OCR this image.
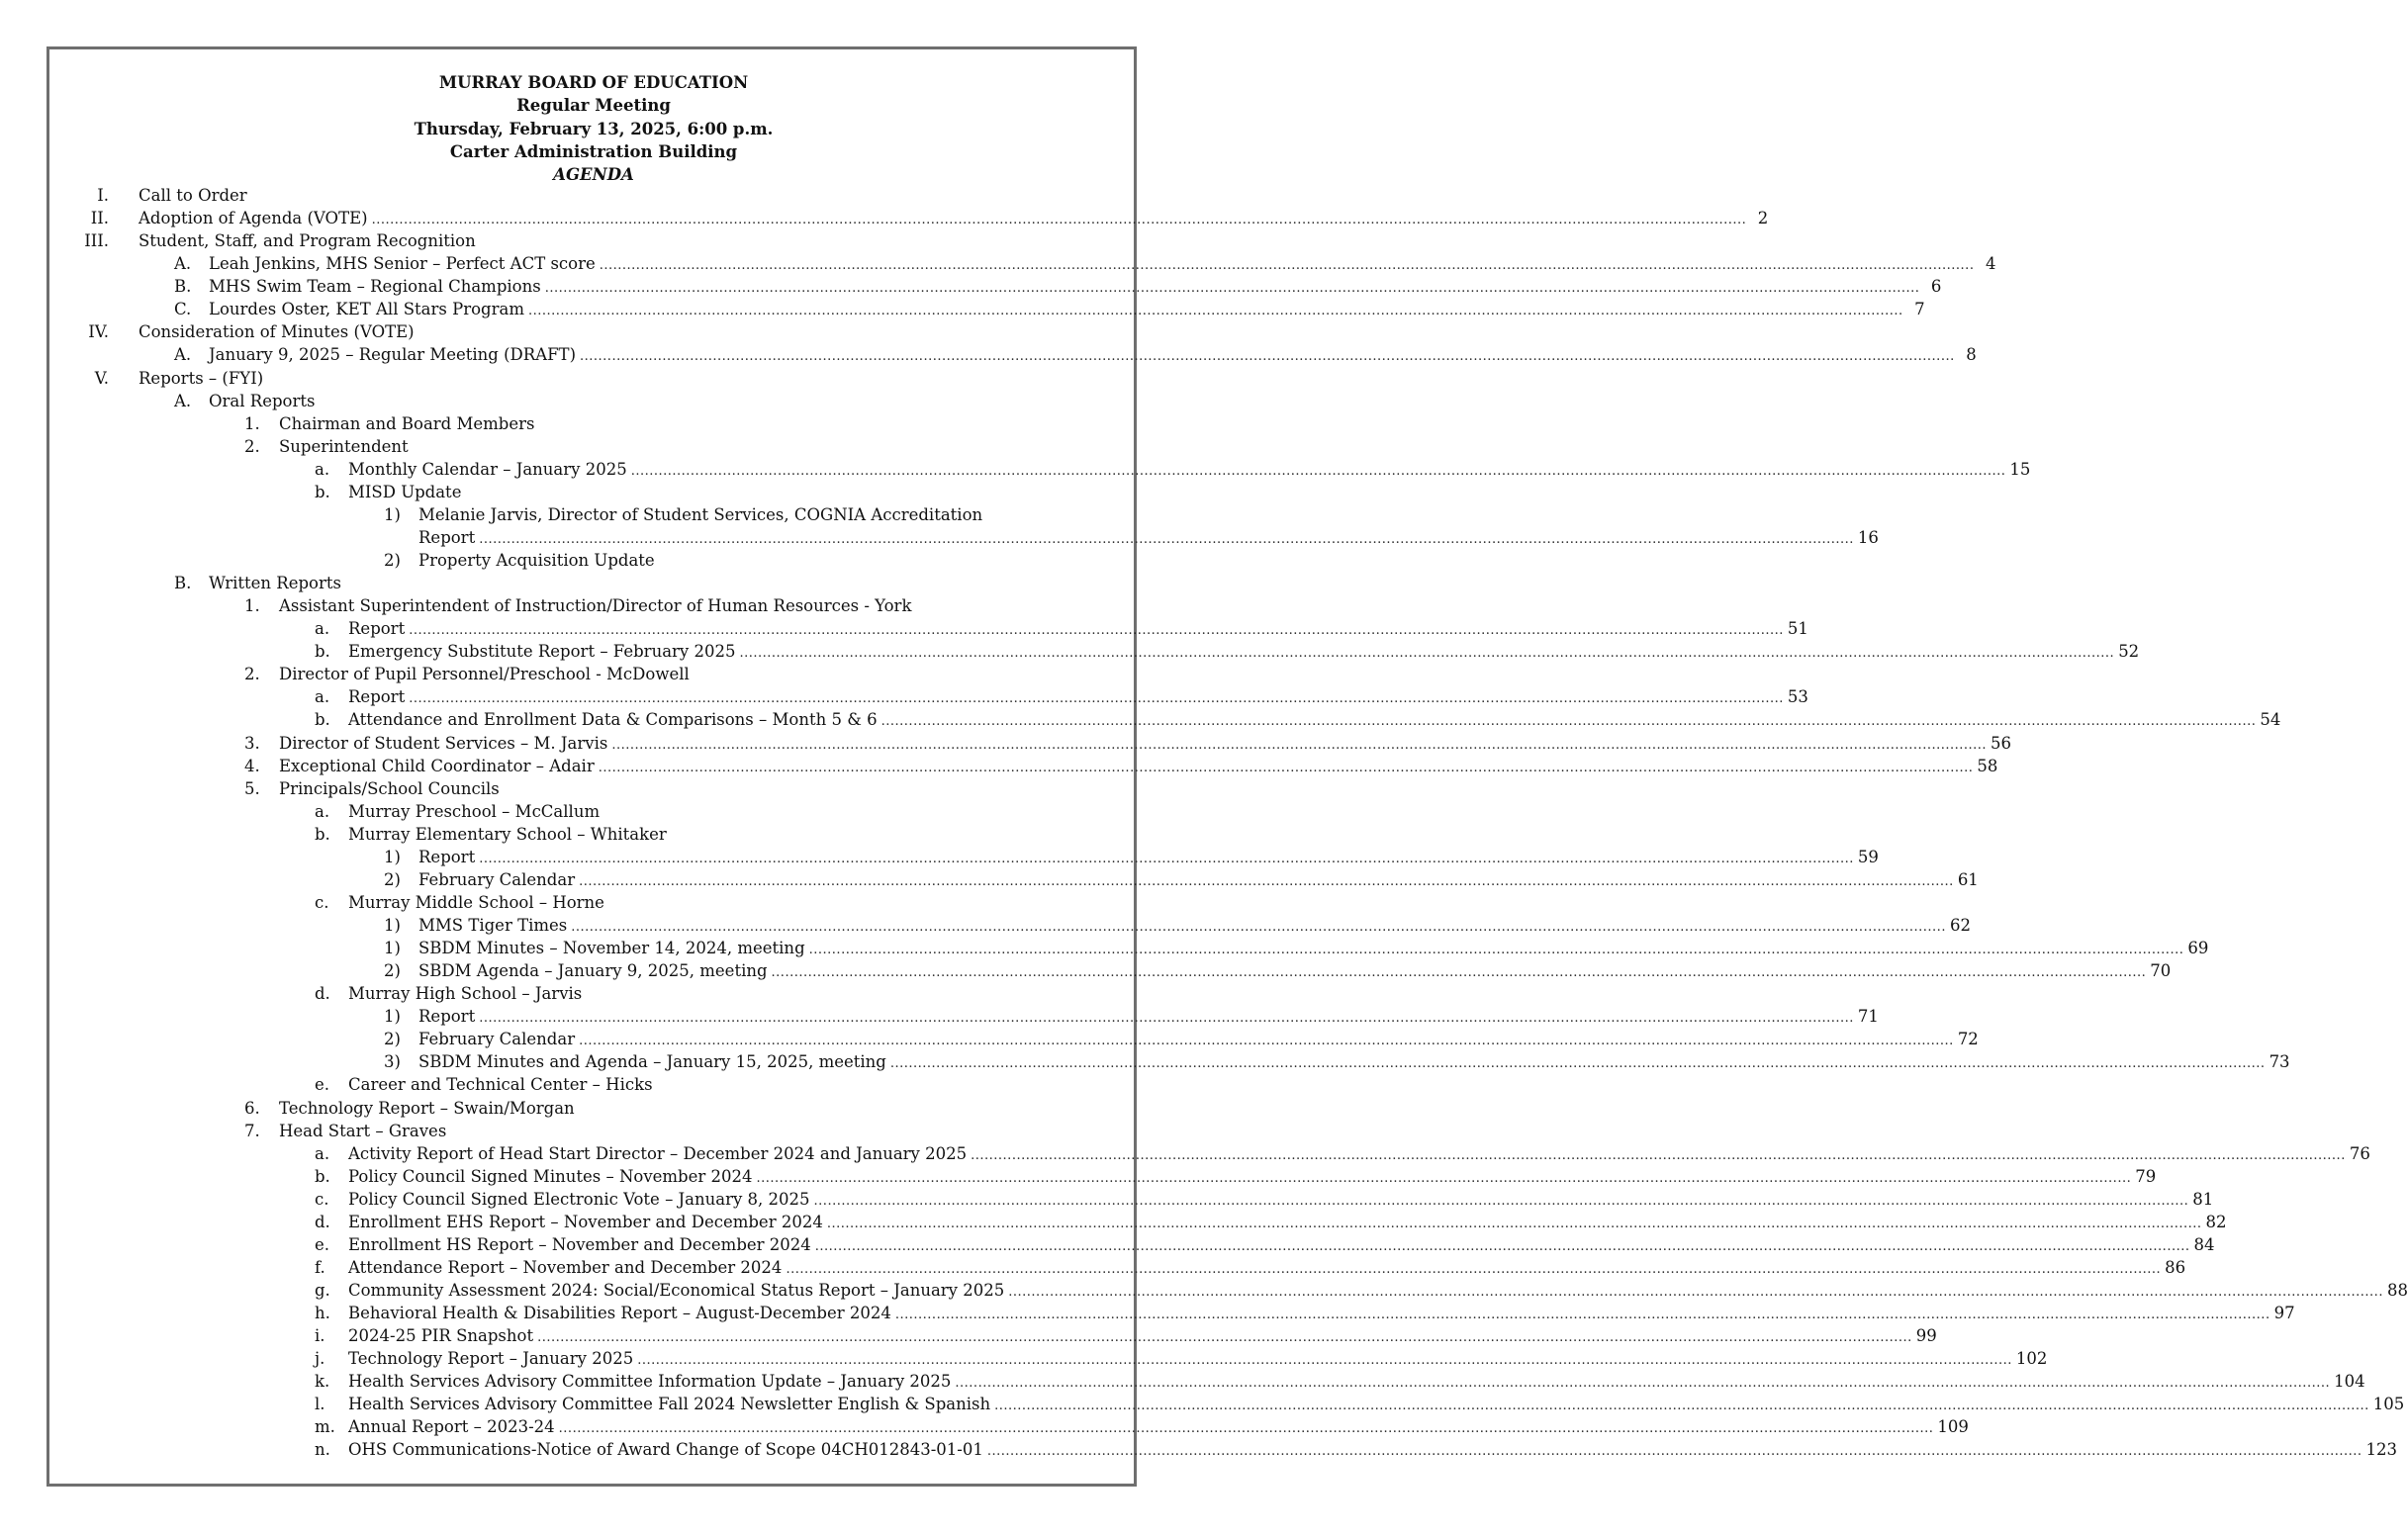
MURRAY BOARD OF EDUCATION
Regular Meeting
Thursday, February 13, 2025, 6:00 p.m.
Carter Administration Building
AGENDA
I. Call to Order
II. Adoption of Agenda (VOTE) ............................................................................................................................................................................................................................................................................................................ 2
III. Student, Staff, and Program Recognition
A. Leah Jenkins, MHS Senior – Perfect ACT score ............................................................................................................................................................................................................................................................................................................ 4
B. MHS Swim Team – Regional Champions ............................................................................................................................................................................................................................................................................................................ 6
C. Lourdes Oster, KET All Stars Program ............................................................................................................................................................................................................................................................................................................ 7
IV. Consideration of Minutes (VOTE)
A. January 9, 2025 – Regular Meeting (DRAFT) ............................................................................................................................................................................................................................................................................................................ 8
V. Reports – (FYI)
A. Oral Reports
1. Chairman and Board Members
2. Superintendent
a. Monthly Calendar – January 2025 ............................................................................................................................................................................................................................................................................................................ 15
b. MISD Update
1) Melanie Jarvis, Director of Student Services, COGNIA Accreditation
Report ............................................................................................................................................................................................................................................................................................................ 16
2) Property Acquisition Update
B. Written Reports
1. Assistant Superintendent of Instruction/Director of Human Resources - York
a. Report ............................................................................................................................................................................................................................................................................................................ 51
b. Emergency Substitute Report – February 2025 ............................................................................................................................................................................................................................................................................................................ 52
2. Director of Pupil Personnel/Preschool - McDowell
a. Report ............................................................................................................................................................................................................................................................................................................ 53
b. Attendance and Enrollment Data & Comparisons – Month 5 & 6 ............................................................................................................................................................................................................................................................................................................ 54
3. Director of Student Services – M. Jarvis ............................................................................................................................................................................................................................................................................................................ 56
4. Exceptional Child Coordinator – Adair ............................................................................................................................................................................................................................................................................................................ 58
5. Principals/School Councils
a. Murray Preschool – McCallum
b. Murray Elementary School – Whitaker
1) Report ............................................................................................................................................................................................................................................................................................................ 59
2) February Calendar ............................................................................................................................................................................................................................................................................................................ 61
c. Murray Middle School – Horne
1) MMS Tiger Times ............................................................................................................................................................................................................................................................................................................ 62
1) SBDM Minutes – November 14, 2024, meeting ............................................................................................................................................................................................................................................................................................................ 69
2) SBDM Agenda – January 9, 2025, meeting ............................................................................................................................................................................................................................................................................................................ 70
d. Murray High School – Jarvis
1) Report ............................................................................................................................................................................................................................................................................................................ 71
2) February Calendar ............................................................................................................................................................................................................................................................................................................ 72
3) SBDM Minutes and Agenda – January 15, 2025, meeting ............................................................................................................................................................................................................................................................................................................ 73
e. Career and Technical Center – Hicks
6. Technology Report – Swain/Morgan
7. Head Start – Graves
a. Activity Report of Head Start Director – December 2024 and January 2025 ............................................................................................................................................................................................................................................................................................................ 76
b. Policy Council Signed Minutes – November 2024 ............................................................................................................................................................................................................................................................................................................ 79
c. Policy Council Signed Electronic Vote – January 8, 2025 ............................................................................................................................................................................................................................................................................................................ 81
d. Enrollment EHS Report – November and December 2024 ............................................................................................................................................................................................................................................................................................................ 82
e. Enrollment HS Report – November and December 2024 ............................................................................................................................................................................................................................................................................................................ 84
f. Attendance Report – November and December 2024 ............................................................................................................................................................................................................................................................................................................ 86
g. Community Assessment 2024: Social/Economical Status Report – January 2025 ............................................................................................................................................................................................................................................................................................................ 88
h. Behavioral Health & Disabilities Report – August-December 2024 ............................................................................................................................................................................................................................................................................................................ 97
i. 2024-25 PIR Snapshot ............................................................................................................................................................................................................................................................................................................ 99
j. Technology Report – January 2025 ............................................................................................................................................................................................................................................................................................................ 102
k. Health Services Advisory Committee Information Update – January 2025 ............................................................................................................................................................................................................................................................................................................ 104
l. Health Services Advisory Committee Fall 2024 Newsletter English & Spanish ............................................................................................................................................................................................................................................................................................................ 105
m. Annual Report – 2023-24 ............................................................................................................................................................................................................................................................................................................ 109
n. OHS Communications-Notice of Award Change of Scope 04CH012843-01-01 ............................................................................................................................................................................................................................................................................................................ 123
